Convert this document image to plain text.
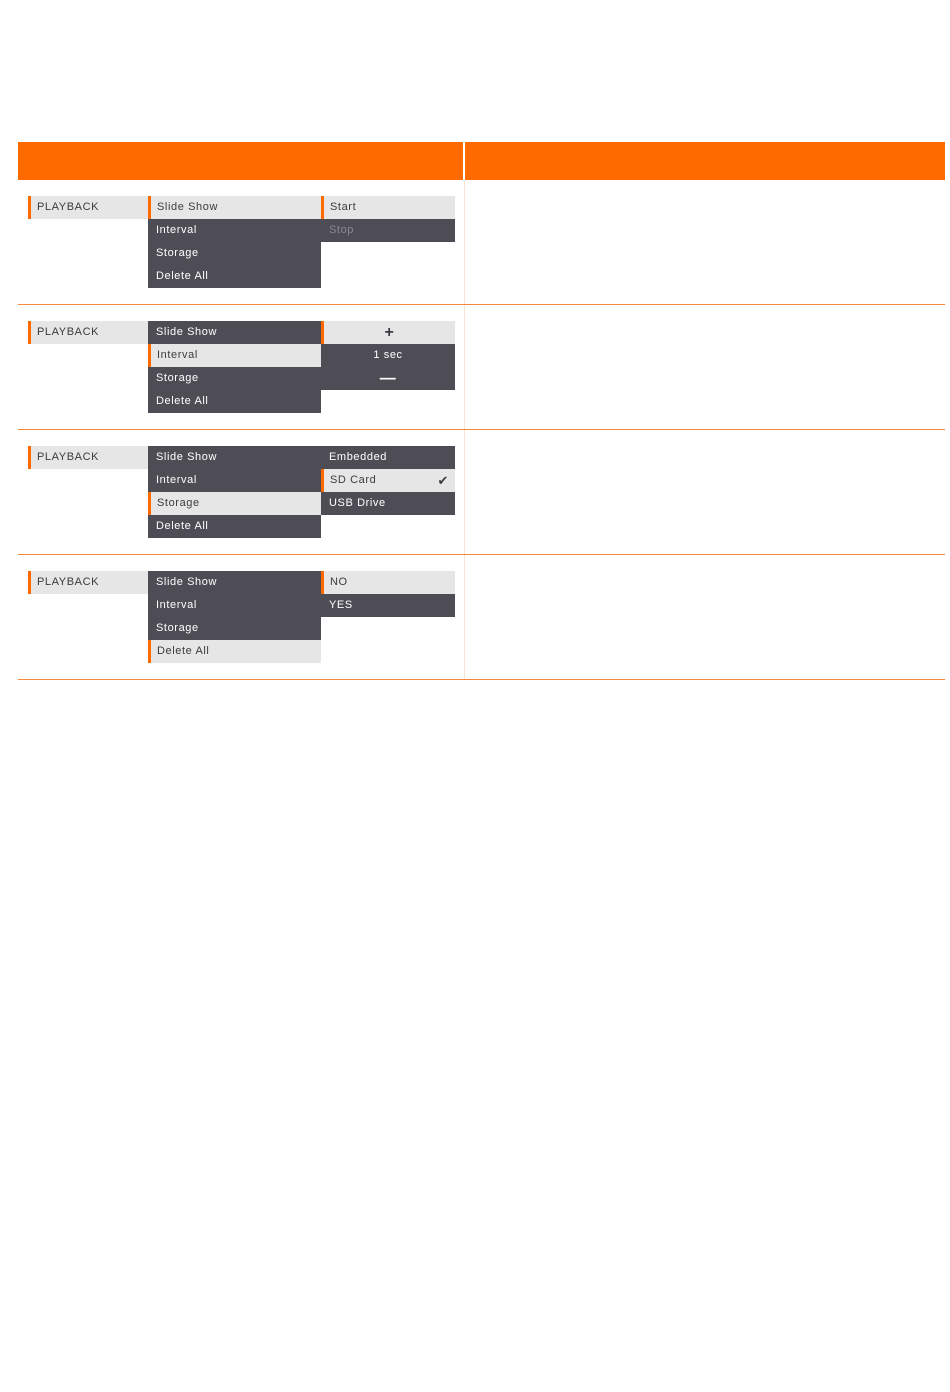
PLAYBACK	Slide Show
Interval
Storage
Delete All
Start
Stop
PLAYBACK	Slide Show
Interval
Storage
Delete All
+
1 sec
—
PLAYBACK	Slide Show
Interval
Storage
Delete All
Embedded
SD Card	✔
USB Drive
PLAYBACK	Slide Show
Interval
Storage
Delete All
NO
YES
